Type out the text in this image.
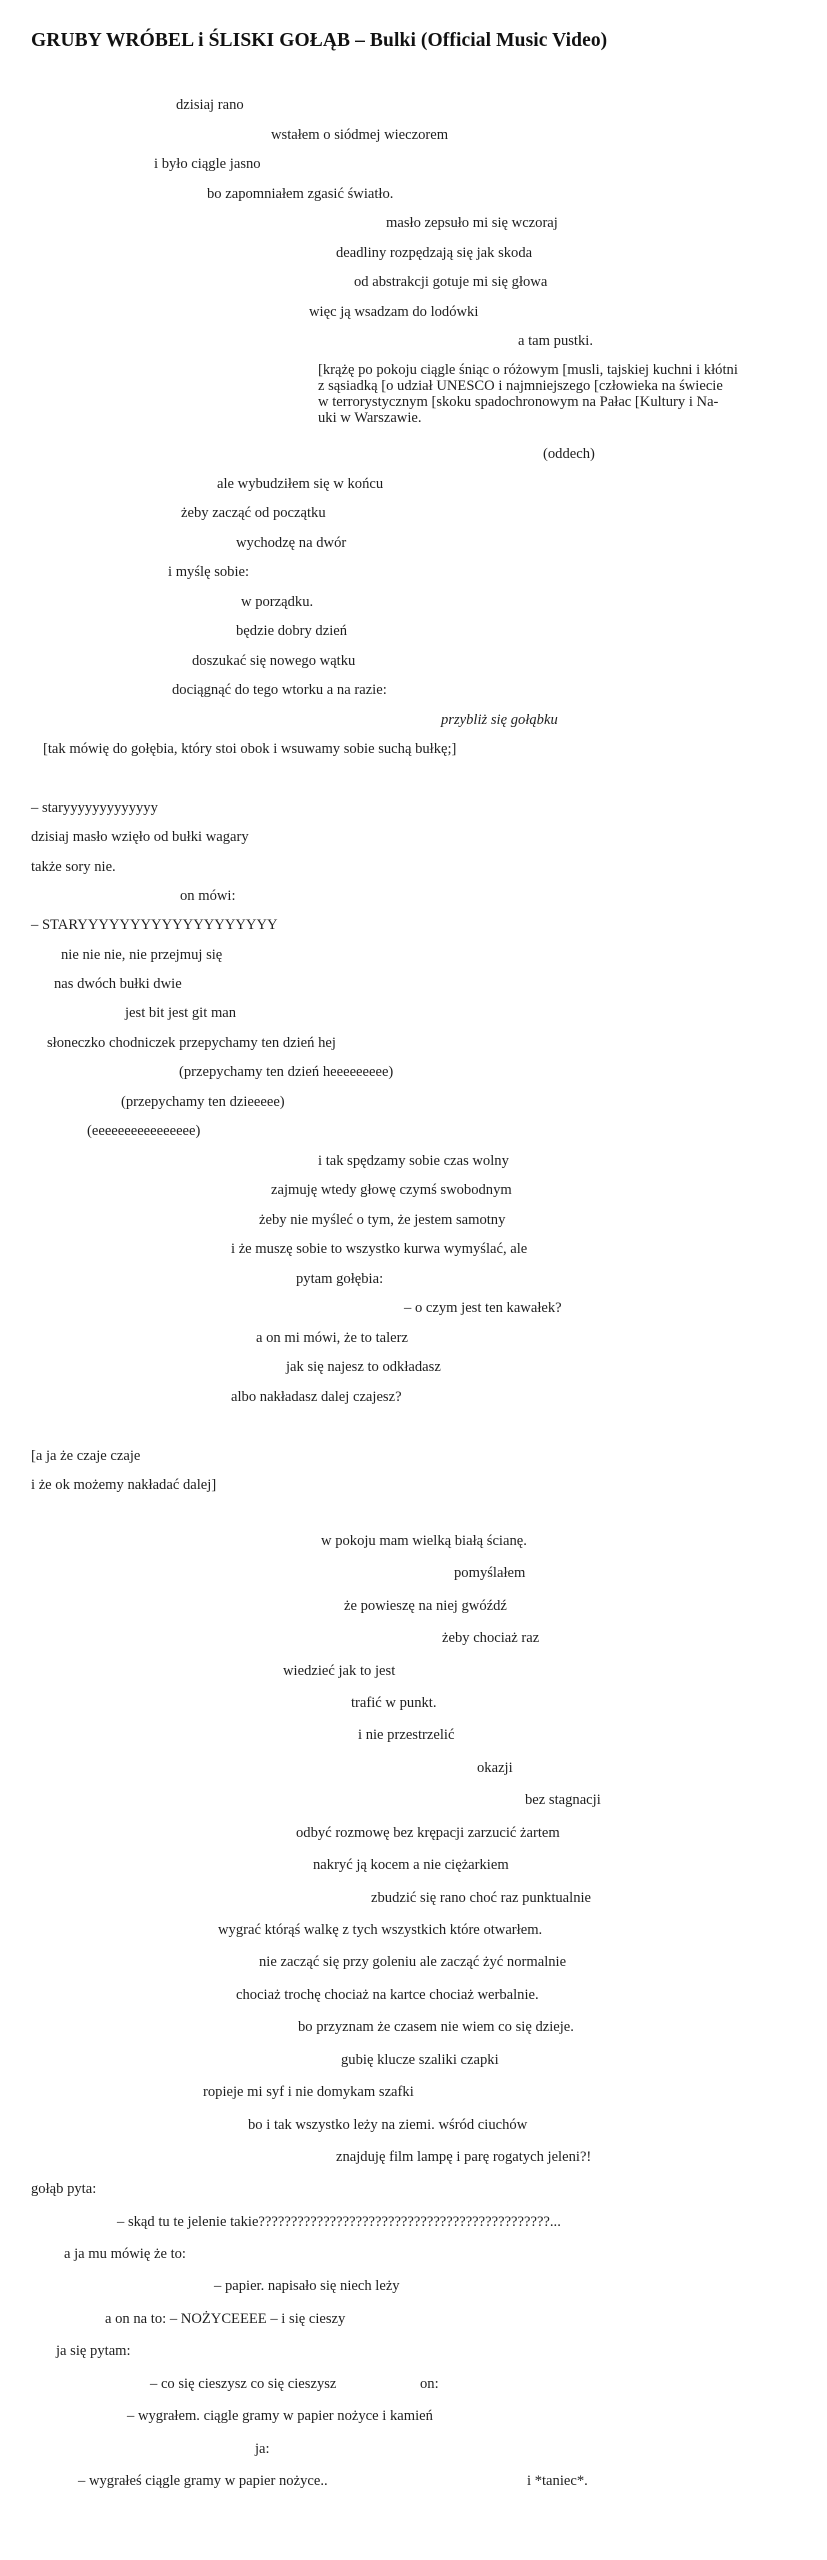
GRUBY WRÓBEL i ŚLISKI GOŁĄB – Bulki (Official Music Video)
dzisiaj rano
wstałem o siódmej wieczorem
i było ciągle jasno
bo zapomniałem zgasić światło.
masło zepsuło mi się wczoraj
deadliny rozpędzają się jak skoda
od abstrakcji gotuje mi się głowa
więc ją wsadzam do lodówki
a tam pustki.
[krążę po pokoju ciągle śniąc o różowym [musli, tajskiej kuchni i kłótni
z sąsiadką [o udział UNESCO i najmniejszego [człowieka na świecie
w terrorystycznym [skoku spadochronowym na Pałac [Kultury i Na-
uki w Warszawie.
(oddech)
ale wybudziłem się w końcu
żeby zacząć od początku
wychodzę na dwór
i myślę sobie:
w porządku.
będzie dobry dzień
doszukać się nowego wątku
dociągnąć do tego wtorku a na razie:
przybliż się gołąbku
[tak mówię do gołębia, który stoi obok i wsuwamy sobie suchą bułkę;]
– staryyyyyyyyyyyyy
dzisiaj masło wzięło od bułki wagary
także sory nie.
on mówi:
– STARYYYYYYYYYYYYYYYYYYY
nie nie nie, nie przejmuj się
nas dwóch bułki dwie
jest bit jest git man
słoneczko chodniczek przepychamy ten dzień hej
(przepychamy ten dzień heeeeeeeee)
(przepychamy ten dzieeeee)
(eeeeeeeeeeeeeeee)
i tak spędzamy sobie czas wolny
zajmuję wtedy głowę czymś swobodnym
żeby nie myśleć o tym, że jestem samotny
i że muszę sobie to wszystko kurwa wymyślać, ale
pytam gołębia:
– o czym jest ten kawałek?
a on mi mówi, że to talerz
jak się najesz to odkładasz
albo nakładasz dalej czajesz?
[a ja że czaje czaje
i że ok możemy nakładać dalej]
w pokoju mam wielką białą ścianę.
pomyślałem
że powieszę na niej gwóźdź
żeby chociaż raz
wiedzieć jak to jest
trafić w punkt.
i nie przestrzelić
okazji
bez stagnacji
odbyć rozmowę bez krępacji zarzucić żartem
nakryć ją kocem a nie ciężarkiem
zbudzić się rano choć raz punktualnie
wygrać którąś walkę z tych wszystkich które otwarłem.
nie zacząć się przy goleniu ale zacząć żyć normalnie
chociaż trochę chociaż na kartce chociaż werbalnie.
bo przyznam że czasem nie wiem co się dzieje.
gubię klucze szaliki czapki
ropieje mi syf i nie domykam szafki
bo i tak wszystko leży na ziemi. wśród ciuchów
znajduję film lampę i parę rogatych jeleni?!
gołąb pyta:
– skąd tu te jelenie takie?????????????????????????????????????????????...
a ja mu mówię że to:
– papier. napisało się niech leży
a on na to: – NOŻYCEEEE – i się cieszy
ja się pytam:
– co się cieszysz co się cieszysz	on:
– wygrałem. ciągle gramy w papier nożyce i kamień
ja:
– wygrałeś ciągle gramy w papier nożyce..	i *taniec*.
